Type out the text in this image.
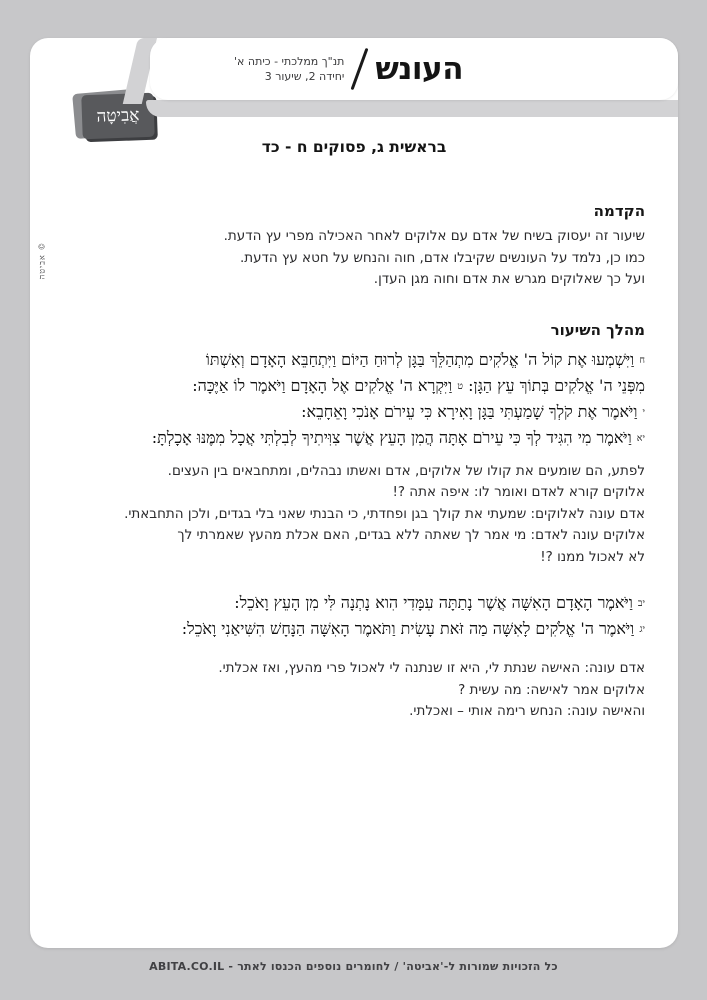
© אביטה
אֲבִיטָה
בראשית ג, פסוקים ח - כד
הקדמה
שיעור זה יעסוק בשיח של אדם עם אלוקים לאחר האכילה מפרי עץ הדעת.
כמו כן, נלמד על העונשים שקיבלו אדם, חוה והנחש על חטא עץ הדעת.
ועל כך שאלוקים מגרש את אדם וחוה מגן העדן.
מהלך השיעור
$^ח$ וַיִּשְׁמְעוּ אֶת קוֹל ה' אֱלֹקִים מִתְהַלֵּךְ בַּגָּן לְרוּחַ הַיּוֹם וַיִּתְחַבֵּא הָאָדָם וְאִשְׁתּוֹ
מִפְּנֵי ה' אֱלֹקִים בְּתוֹךְ עֵץ הַגָּן: $^ט$ וַיִּקְרָא ה' אֱלֹקִים אֶל הָאָדָם וַיֹּאמֶר לוֹ אַיֶּכָּה:
$^י$ וַיֹּאמֶר אֶת קֹלְךָ שָׁמַעְתִּי בַּגָּן וָאִירָא כִּי עֵירֹם אָנֹכִי וָאֵחָבֵא:
$^{יא}$ וַיֹּאמֶר מִי הִגִּיד לְךָ כִּי עֵירֹם אָתָּה הֲמִן הָעֵץ אֲשֶׁר צִוִּיתִיךָ לְבִלְתִּי אֲכָל מִמֶּנּוּ אָכָלְתָּ:
לפתע, הם שומעים את קולו של אלוקים, אדם ואשתו נבהלים, ומתחבאים בין העצים.
אלוקים קורא לאדם ואומר לו: איפה אתה ?!
אדם עונה לאלוקים: שמעתי את קולך בגן ופחדתי, כי הבנתי שאני בלי בגדים, ולכן התחבאתי.
אלוקים עונה לאדם: מי אמר לך שאתה ללא בגדים, האם אכלת מהעץ שאמרתי לך
לא לאכול ממנו ?!
$^{יב}$ וַיֹּאמֶר הָאָדָם הָאִשָּׁה אֲשֶׁר נָתַתָּה עִמָּדִי הִוא נָתְנָה לִּי מִן הָעֵץ וָאֹכֵל:
$^{יג}$ וַיֹּאמֶר ה' אֱלֹקִים לָאִשָּׁה מַה זֹּאת עָשִׂית וַתֹּאמֶר הָאִשָּׁה הַנָּחָשׁ הִשִּׁיאַנִי וָאֹכֵל:
אדם עונה: האישה שנתת לי, היא זו שנתנה לי לאכול פרי מהעץ, ואז אכלתי.
אלוקים אמר לאישה: מה עשית ?
והאישה עונה: הנחש רימה אותי – ואכלתי.
העונש
תנ"ך ממלכתי - כיתה א'
יחידה 2, שיעור 3
כל הזכויות שמורות ל-'אביטה' / לחומרים נוספים הכנסו לאתר - ABITA.CO.IL
